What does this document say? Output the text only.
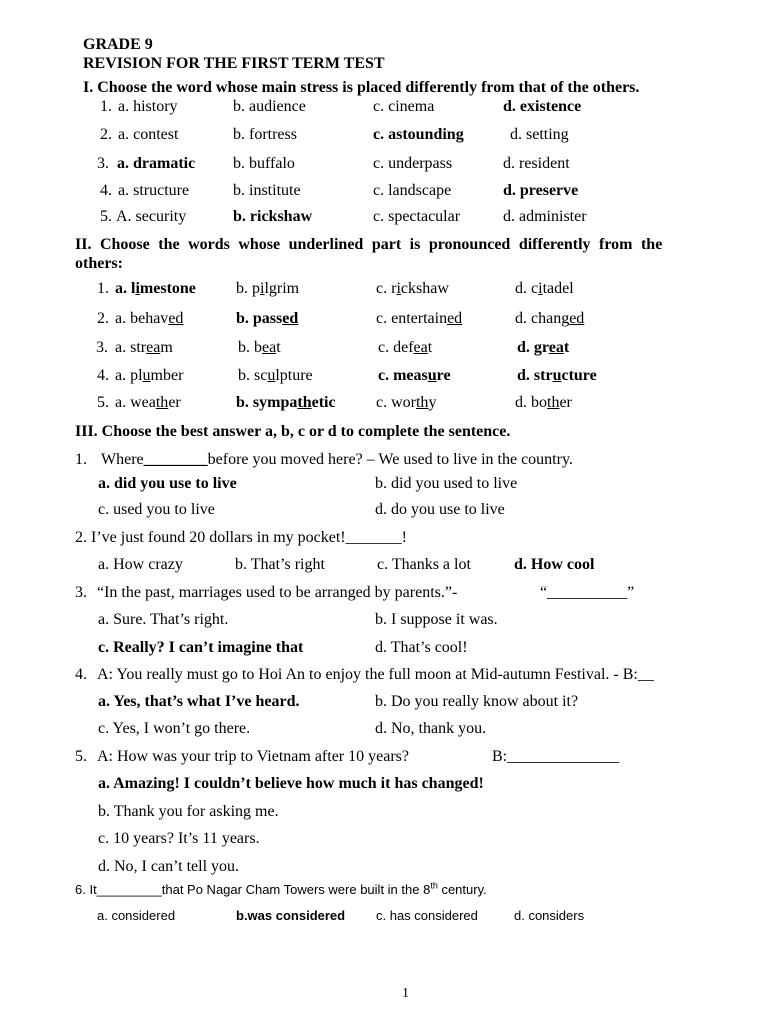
GRADE 9
REVISION FOR THE FIRST TERM TEST
I. Choose the word whose main stress is placed differently from that of the others.
1. a. history	b. audience	c. cinema	d. existence
2. a. contest	b. fortress	c. astounding	d. setting
3. a. dramatic b. buffalo	c. underpass	d. resident
4. a. structure	b. institute	c. landscape	d. preserve
5. A. security	b. rickshaw	c. spectacular	d. administer
II. Choose the words whose underlined part is pronounced differently from the
others:
1. a. limestone	b. pilgrim	c. rickshaw	d. citadel
2. a. behaved	b. passed	c. entertained	d. changed
3. a. stream	b. beat	c. defeat	d. great
4. a. plumber	b. sculpture	c. measure	d. structure
5. a. weather	b. sympathetic	c. worthy	d. bother
III. Choose the best answer a, b, c or d to complete the sentence.
1. Where________before you moved here? – We used to live in the country.
a. did you use to live	b. did you used to live
c. used you to live	d. do you use to live
2. I’ve just found 20 dollars in my pocket!_______!
a. How crazy	b. That’s right	c. Thanks a lot	d. How cool
3. “In the past, marriages used to be arranged by parents.”-	“__________”
a. Sure. That’s right.	b. I suppose it was.
c. Really? I can’t imagine that	d. That’s cool!
4. A: You really must go to Hoi An to enjoy the full moon at Mid-autumn Festival. - B:__
a. Yes, that’s what I’ve heard.	b. Do you really know about it?
c. Yes, I won’t go there.	d. No, thank you.
5. A: How was your trip to Vietnam after 10 years?	B:______________
a. Amazing! I couldn’t believe how much it has changed!
b. Thank you for asking me.
c. 10 years? It’s 11 years.
d. No, I can’t tell you.
6. It_________that Po Nagar Cham Towers were built in the 8th century.
a. considered	b.was considered c. has considered	d. considers
1
